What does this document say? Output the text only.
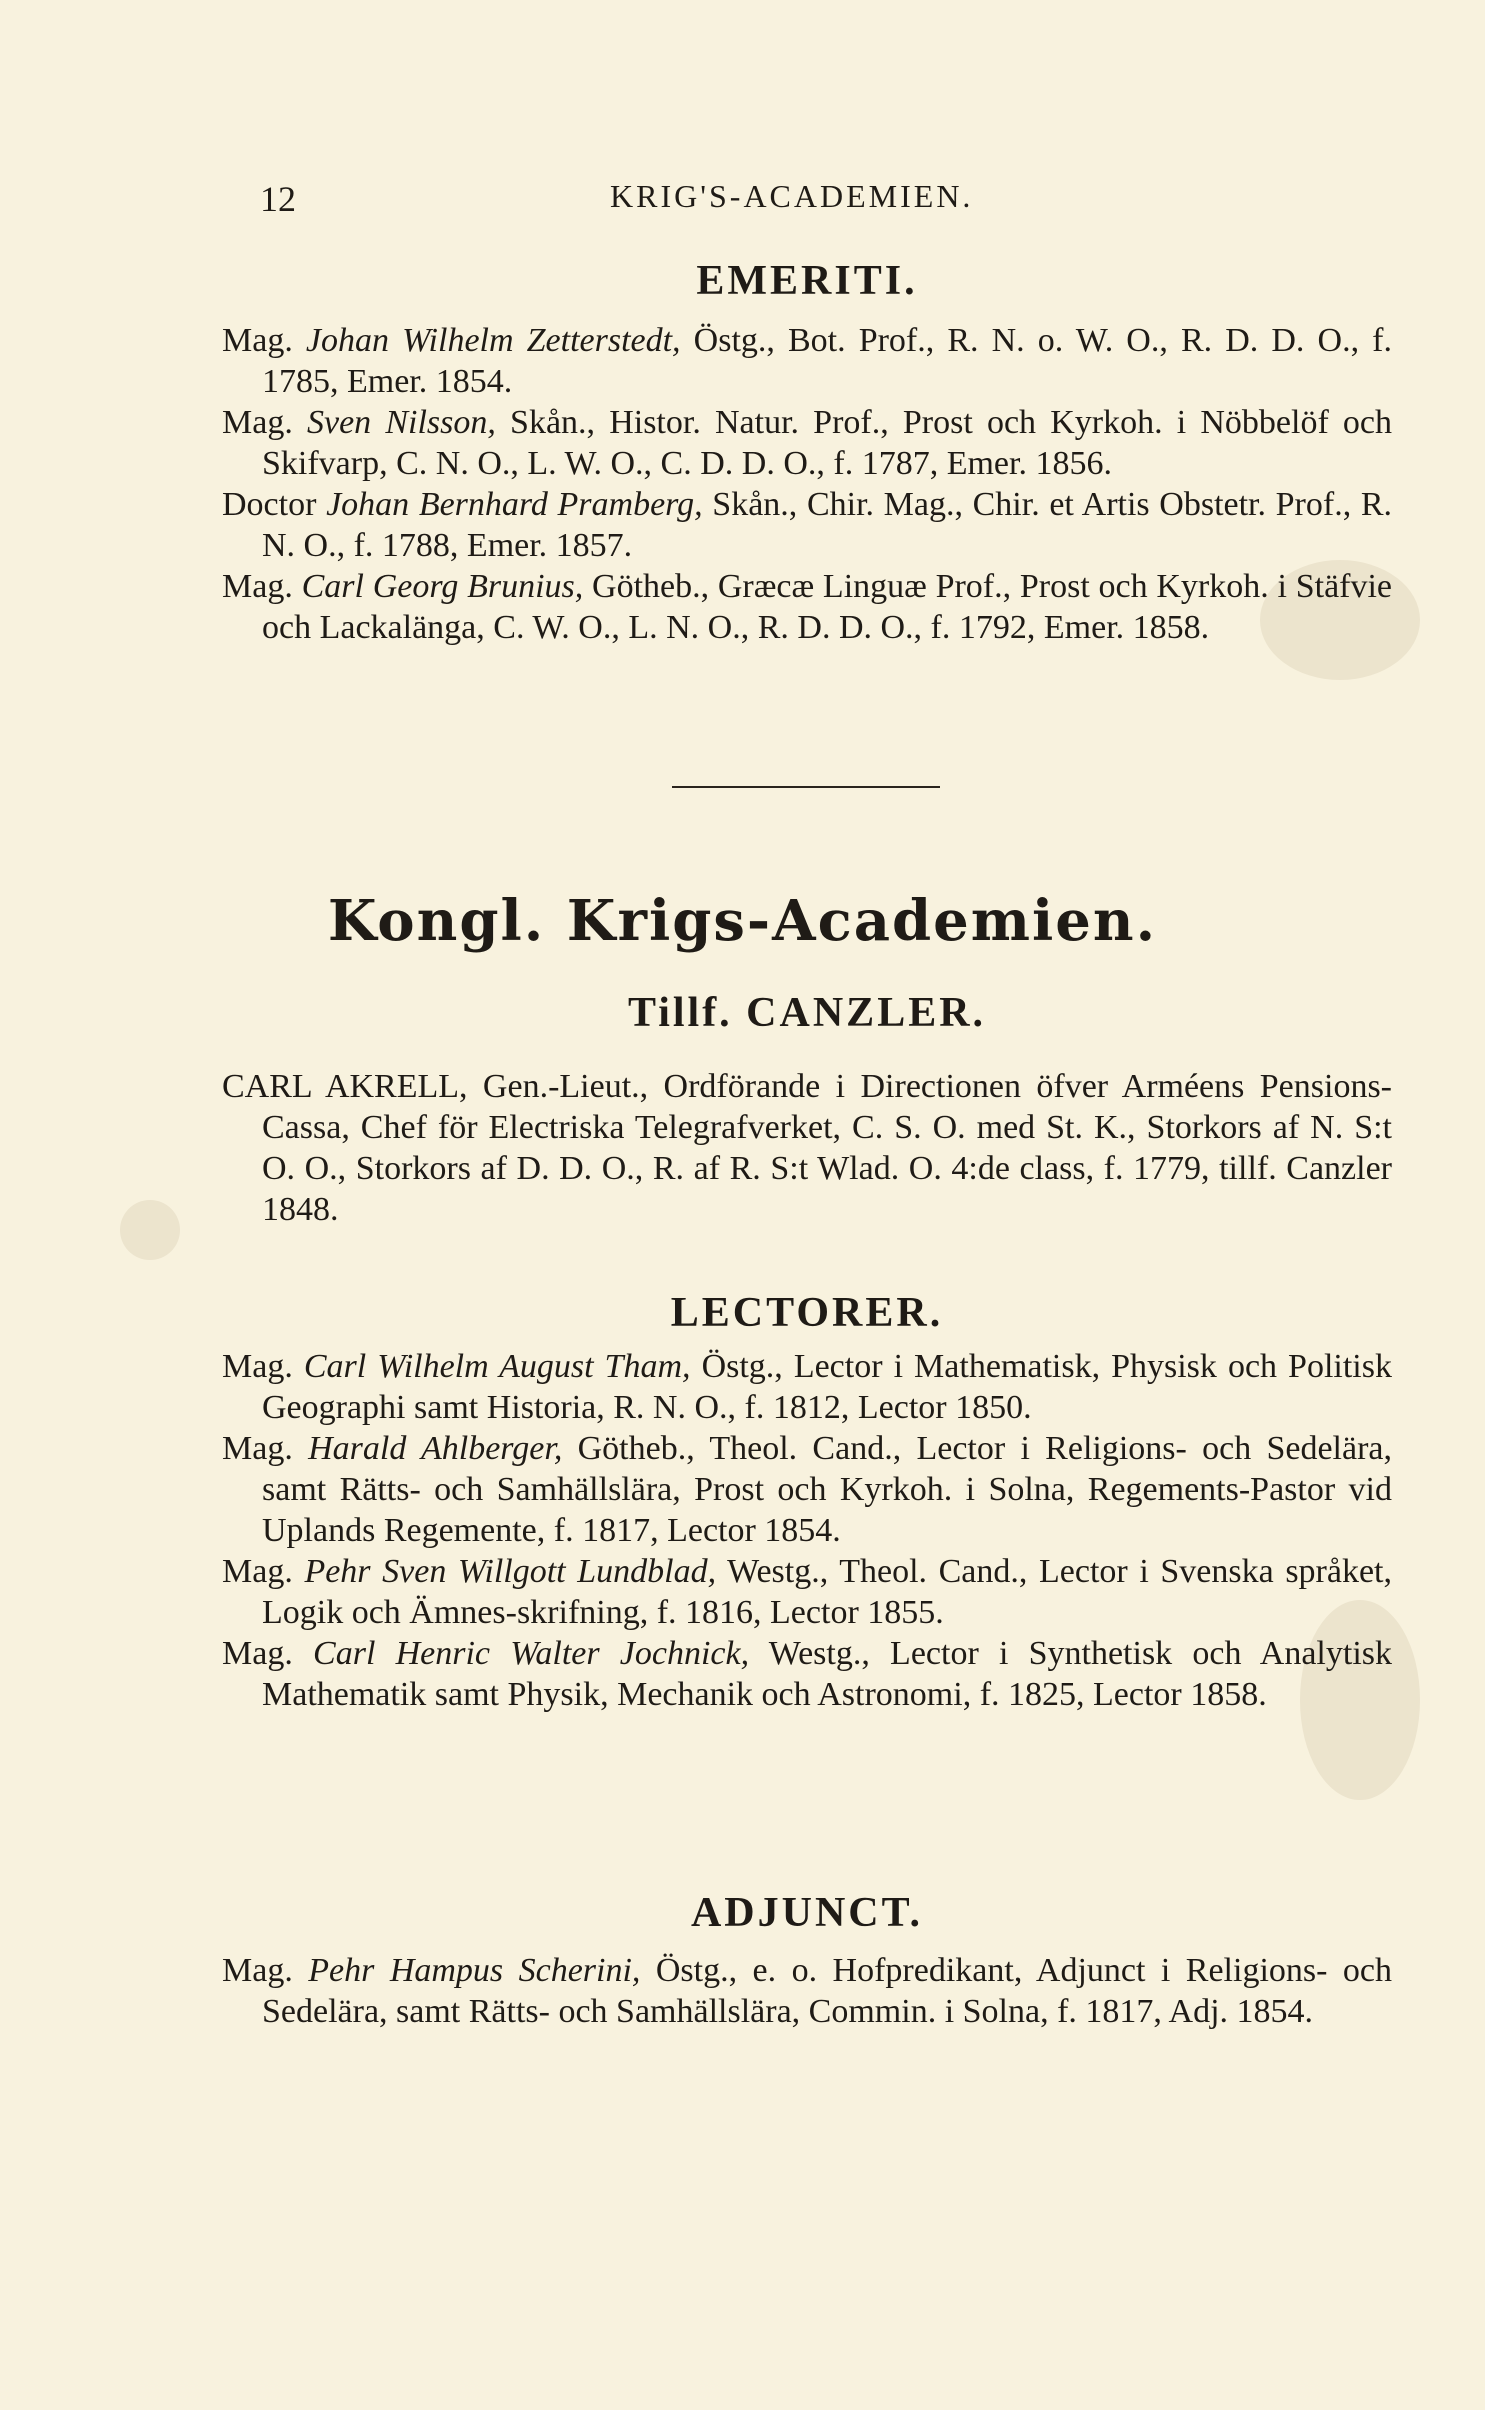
12	KRIG'S-ACADEMIEN.
EMERITI.

Mag. Johan Wilhelm Zetterstedt, Östg., Bot. Prof., R. N. o. W. O., R. D. D. O., f. 1785, Emer. 1854.

Mag. Sven Nilsson, Skån., Histor. Natur. Prof., Prost och Kyrkoh. i Nöbbelöf och Skifvarp, C. N. O., L. W. O., C. D. D. O., f. 1787, Emer. 1856.

Doctor Johan Bernhard Pramberg, Skån., Chir. Mag., Chir. et Artis Obstetr. Prof., R. N. O., f. 1788, Emer. 1857.

Mag. Carl Georg Brunius, Götheb., Græcæ Linguæ Prof., Prost och Kyrkoh. i Stäfvie och Lackalänga, C. W. O., L. N. O., R. D. D. O., f. 1792, Emer. 1858.

Kongl. Krigs-Academien.
Tillf. CANZLER.

CARL AKRELL, Gen.-Lieut., Ordförande i Directionen öfver Arméens Pensions-Cassa, Chef för Electriska Telegrafverket, C. S. O. med St. K., Storkors af N. S:t O. O., Storkors af D. D. O., R. af R. S:t Wlad. O. 4:de class, f. 1779, tillf. Canzler 1848.

LECTORER.

Mag. Carl Wilhelm August Tham, Östg., Lector i Mathematisk, Physisk och Politisk Geographi samt Historia, R. N. O., f. 1812, Lector 1850.

Mag. Harald Ahlberger, Götheb., Theol. Cand., Lector i Religions- och Sedelära, samt Rätts- och Samhällslära, Prost och Kyrkoh. i Solna, Regements-Pastor vid Uplands Regemente, f. 1817, Lector 1854.

Mag. Pehr Sven Willgott Lundblad, Westg., Theol. Cand., Lector i Svenska språket, Logik och Ämnes-skrifning, f. 1816, Lector 1855.

Mag. Carl Henric Walter Jochnick, Westg., Lector i Synthetisk och Analytisk Mathematik samt Physik, Mechanik och Astronomi, f. 1825, Lector 1858.

ADJUNCT.

Mag. Pehr Hampus Scherini, Östg., e. o. Hofpredikant, Adjunct i Religions- och Sedelära, samt Rätts- och Samhällslära, Commin. i Solna, f. 1817, Adj. 1854.
